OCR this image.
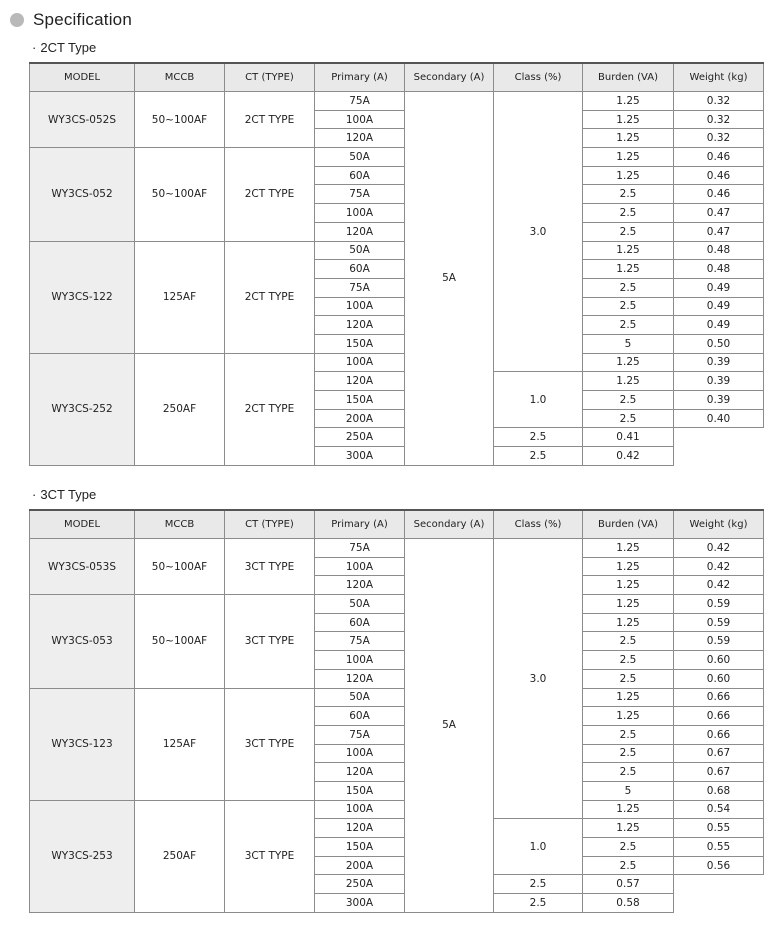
Specification
· 2CT Type
MODEL	MCCB	CT (TYPE)	Primary (A)	Secondary (A)	Class (%)	Burden (VA)	Weight (kg)
WY3CS-052S	50~100AF	2CT TYPE	75A	5A	3.0	1.25	0.32
			100A			1.25	0.32
			120A			1.25	0.32
WY3CS-052	50~100AF	2CT TYPE	50A			1.25	0.46
			60A			1.25	0.46
			75A			2.5	0.46
			100A			2.5	0.47
			120A			2.5	0.47
WY3CS-122	125AF	2CT TYPE	50A			1.25	0.48
			60A			1.25	0.48
			75A			2.5	0.49
			100A			2.5	0.49
			120A			2.5	0.49
			150A			5	0.50
WY3CS-252	250AF	2CT TYPE	100A			1.25	0.39
			120A		1.0	1.25	0.39
			150A			2.5	0.39
			200A			2.5	0.40
			250A		2.5	0.41	
			300A		2.5	0.42	
· 3CT Type
MODEL	MCCB	CT (TYPE)	Primary (A)	Secondary (A)	Class (%)	Burden (VA)	Weight (kg)
WY3CS-053S	50~100AF	3CT TYPE	75A	5A	3.0	1.25	0.42
			100A			1.25	0.42
			120A			1.25	0.42
WY3CS-053	50~100AF	3CT TYPE	50A			1.25	0.59
			60A			1.25	0.59
			75A			2.5	0.59
			100A			2.5	0.60
			120A			2.5	0.60
WY3CS-123	125AF	3CT TYPE	50A			1.25	0.66
			60A			1.25	0.66
			75A			2.5	0.66
			100A			2.5	0.67
			120A			2.5	0.67
			150A			5	0.68
WY3CS-253	250AF	3CT TYPE	100A			1.25	0.54
			120A		1.0	1.25	0.55
			150A			2.5	0.55
			200A			2.5	0.56
			250A		2.5	0.57	
			300A		2.5	0.58	
